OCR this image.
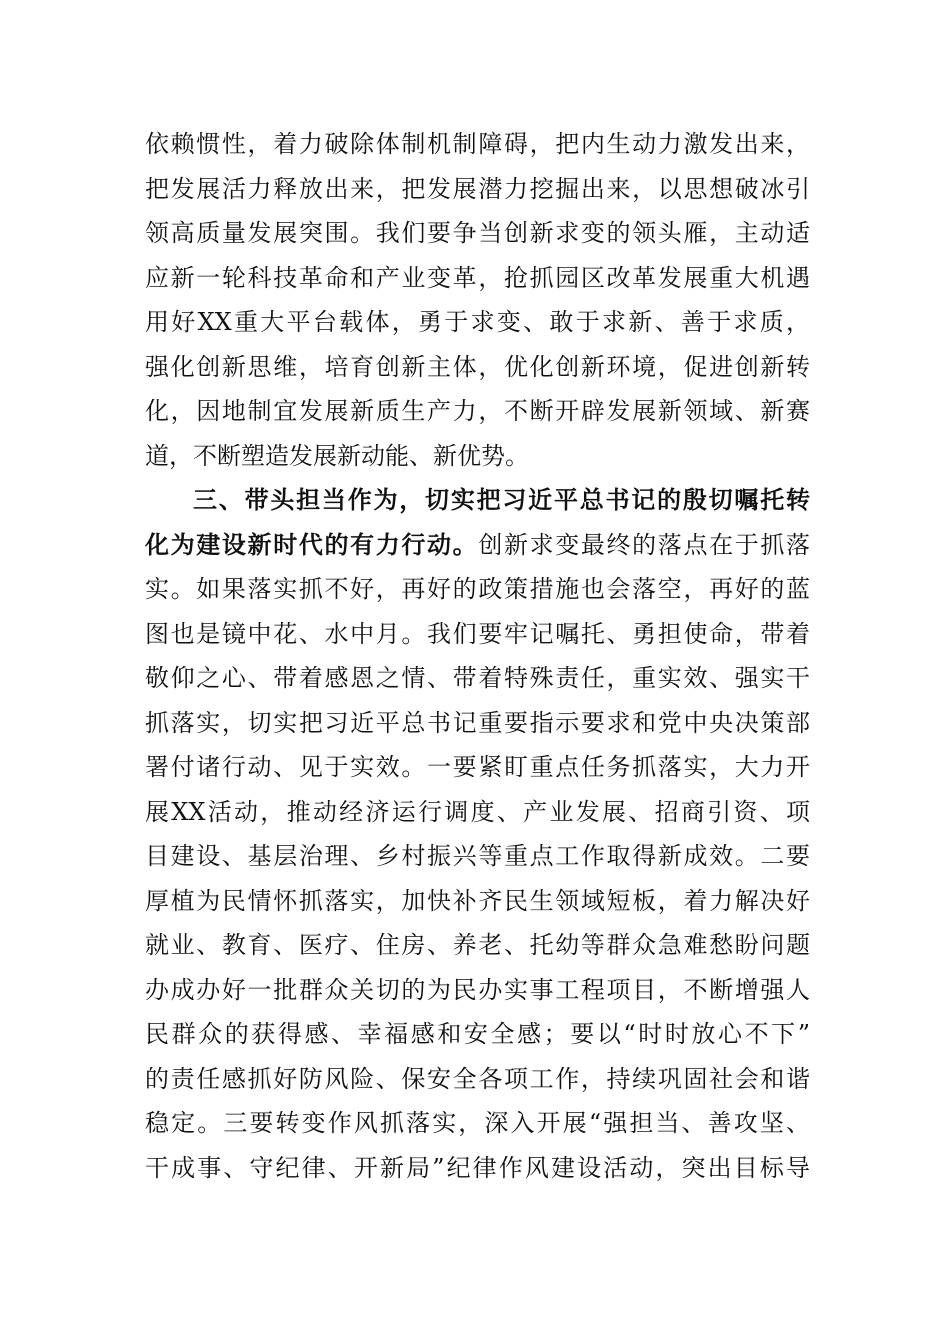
依赖惯性，着力破除体制机制障碍，把内生动力激发出来，
把发展活力释放出来，把发展潜力挖掘出来，以思想破冰引
领高质量发展突围。我们要争当创新求变的领头雁，主动适
应新一轮科技革命和产业变革，抢抓园区改革发展重大机遇
用好XX重大平台载体，勇于求变、敢于求新、善于求质，
强化创新思维，培育创新主体，优化创新环境，促进创新转
化，因地制宜发展新质生产力，不断开辟发展新领域、新赛
道，不断塑造发展新动能、新优势。
三、带头担当作为，切实把习近平总书记的殷切嘱托转
化为建设新时代的有力行动。创新求变最终的落点在于抓落
实。如果落实抓不好，再好的政策措施也会落空，再好的蓝
图也是镜中花、水中月。我们要牢记嘱托、勇担使命，带着
敬仰之心、带着感恩之情、带着特殊责任，重实效、强实干
抓落实，切实把习近平总书记重要指示要求和党中央决策部
署付诸行动、见于实效。一要紧盯重点任务抓落实，大力开
展XX活动，推动经济运行调度、产业发展、招商引资、项
目建设、基层治理、乡村振兴等重点工作取得新成效。二要
厚植为民情怀抓落实，加快补齐民生领域短板，着力解决好
就业、教育、医疗、住房、养老、托幼等群众急难愁盼问题
办成办好一批群众关切的为民办实事工程项目，不断增强人
民群众的获得感、幸福感和安全感；要以“时时放心不下”
的责任感抓好防风险、保安全各项工作，持续巩固社会和谐
稳定。三要转变作风抓落实，深入开展“强担当、善攻坚、
干成事、守纪律、开新局”纪律作风建设活动，突出目标导
